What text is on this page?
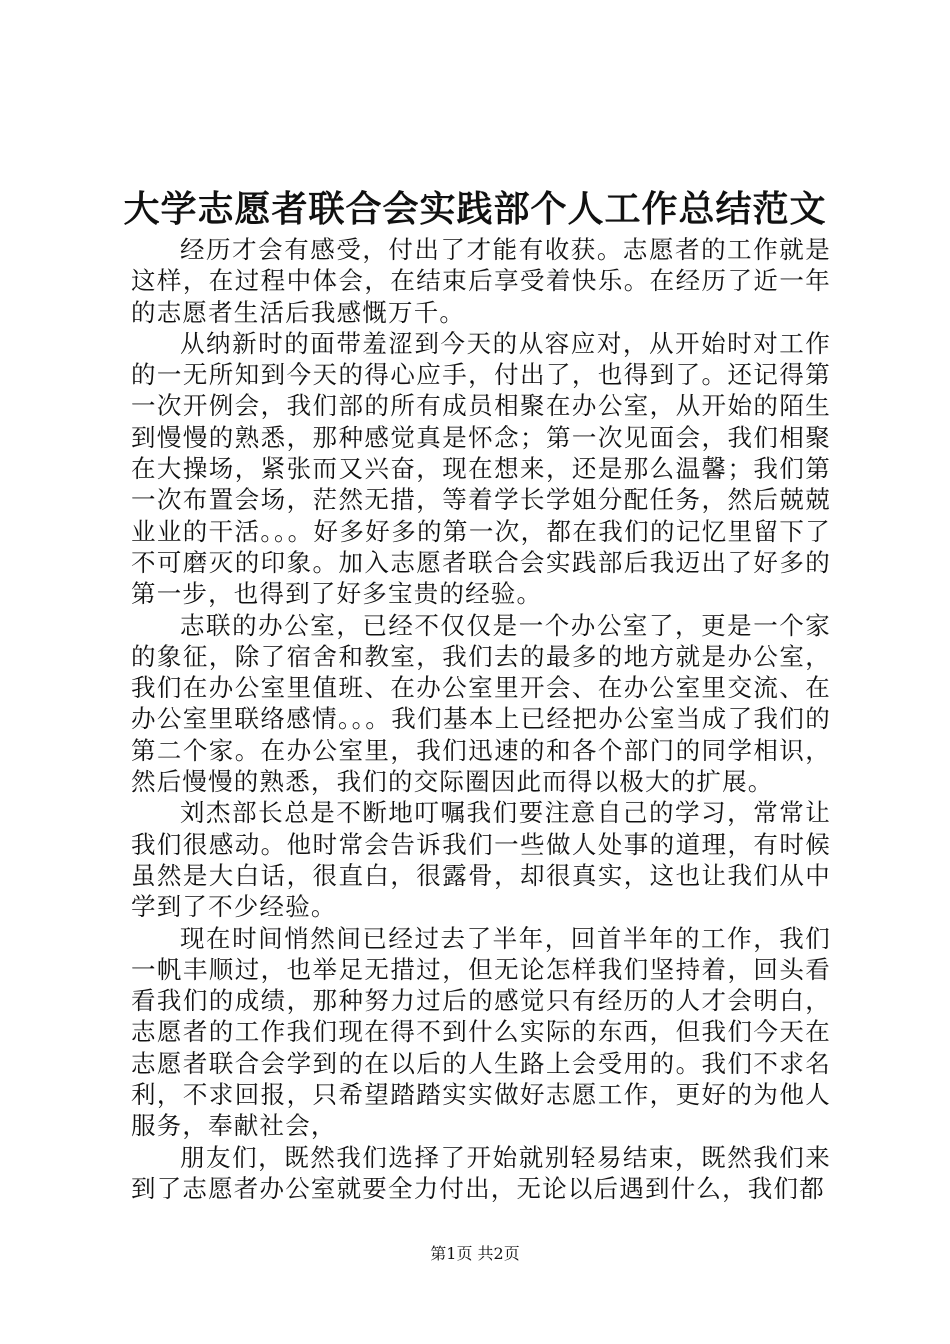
大学志愿者联合会实践部个人工作总结范文

经历才会有感受，付出了才能有收获。志愿者的工作就是这样，在过程中体会，在结束后享受着快乐。在经历了近一年的志愿者生活后我感慨万千。

从纳新时的面带羞涩到今天的从容应对，从开始时对工作的一无所知到今天的得心应手，付出了，也得到了。还记得第一次开例会，我们部的所有成员相聚在办公室，从开始的陌生到慢慢的熟悉，那种感觉真是怀念；第一次见面会，我们相聚在大操场，紧张而又兴奋，现在想来，还是那么温馨；我们第一次布置会场，茫然无措，等着学长学姐分配任务，然后兢兢业业的干活。。。好多好多的第一次，都在我们的记忆里留下了不可磨灭的印象。加入志愿者联合会实践部后我迈出了好多的第一步，也得到了好多宝贵的经验。

志联的办公室，已经不仅仅是一个办公室了，更是一个家的象征，除了宿舍和教室，我们去的最多的地方就是办公室，我们在办公室里值班、在办公室里开会、在办公室里交流、在办公室里联络感情。。。我们基本上已经把办公室当成了我们的第二个家。在办公室里，我们迅速的和各个部门的同学相识，然后慢慢的熟悉，我们的交际圈因此而得以极大的扩展。

刘杰部长总是不断地叮嘱我们要注意自己的学习，常常让我们很感动。他时常会告诉我们一些做人处事的道理，有时候虽然是大白话，很直白，很露骨，却很真实，这也让我们从中学到了不少经验。

现在时间悄然间已经过去了半年，回首半年的工作，我们一帆丰顺过，也举足无措过，但无论怎样我们坚持着，回头看看我们的成绩，那种努力过后的感觉只有经历的人才会明白，志愿者的工作我们现在得不到什么实际的东西，但我们今天在志愿者联合会学到的在以后的人生路上会受用的。我们不求名利，不求回报，只希望踏踏实实做好志愿工作，更好的为他人服务，奉献社会，

朋友们，既然我们选择了开始就别轻易结束，既然我们来到了志愿者办公室就要全力付出，无论以后遇到什么，我们都

第1页 共2页
